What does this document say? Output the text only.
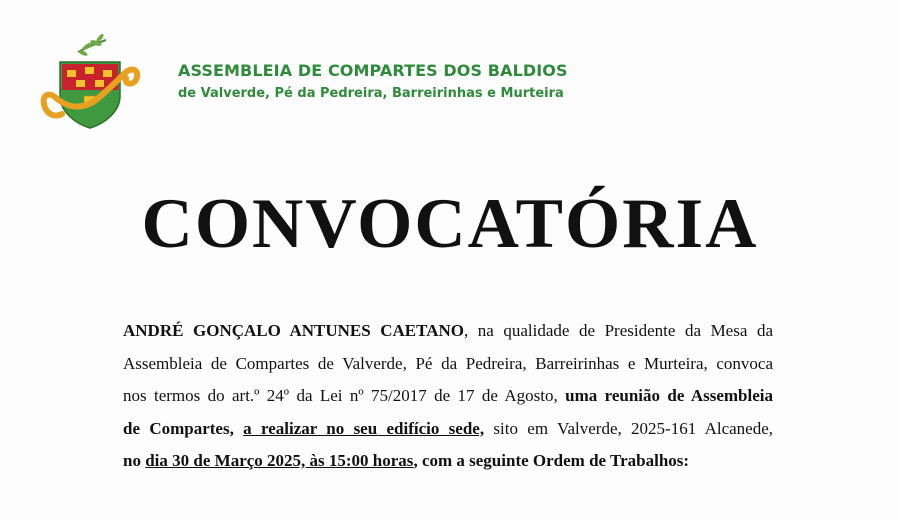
ASSEMBLEIA DE COMPARTES DOS BALDIOS
de Valverde, Pé da Pedreira, Barreirinhas e Murteira
CONVOCATÓRIA
ANDRÉ GONÇALO ANTUNES CAETANO, na qualidade de Presidente da Mesa da
Assembleia de Compartes de Valverde, Pé da Pedreira, Barreirinhas e Murteira, convoca
nos termos do art.º 24º da Lei nº 75/2017 de 17 de Agosto, uma reunião de Assembleia
de Compartes, a realizar no seu edifício sede, sito em Valverde, 2025-161 Alcanede,
no dia 30 de Março 2025, às 15:00 horas, com a seguinte Ordem de Trabalhos:
